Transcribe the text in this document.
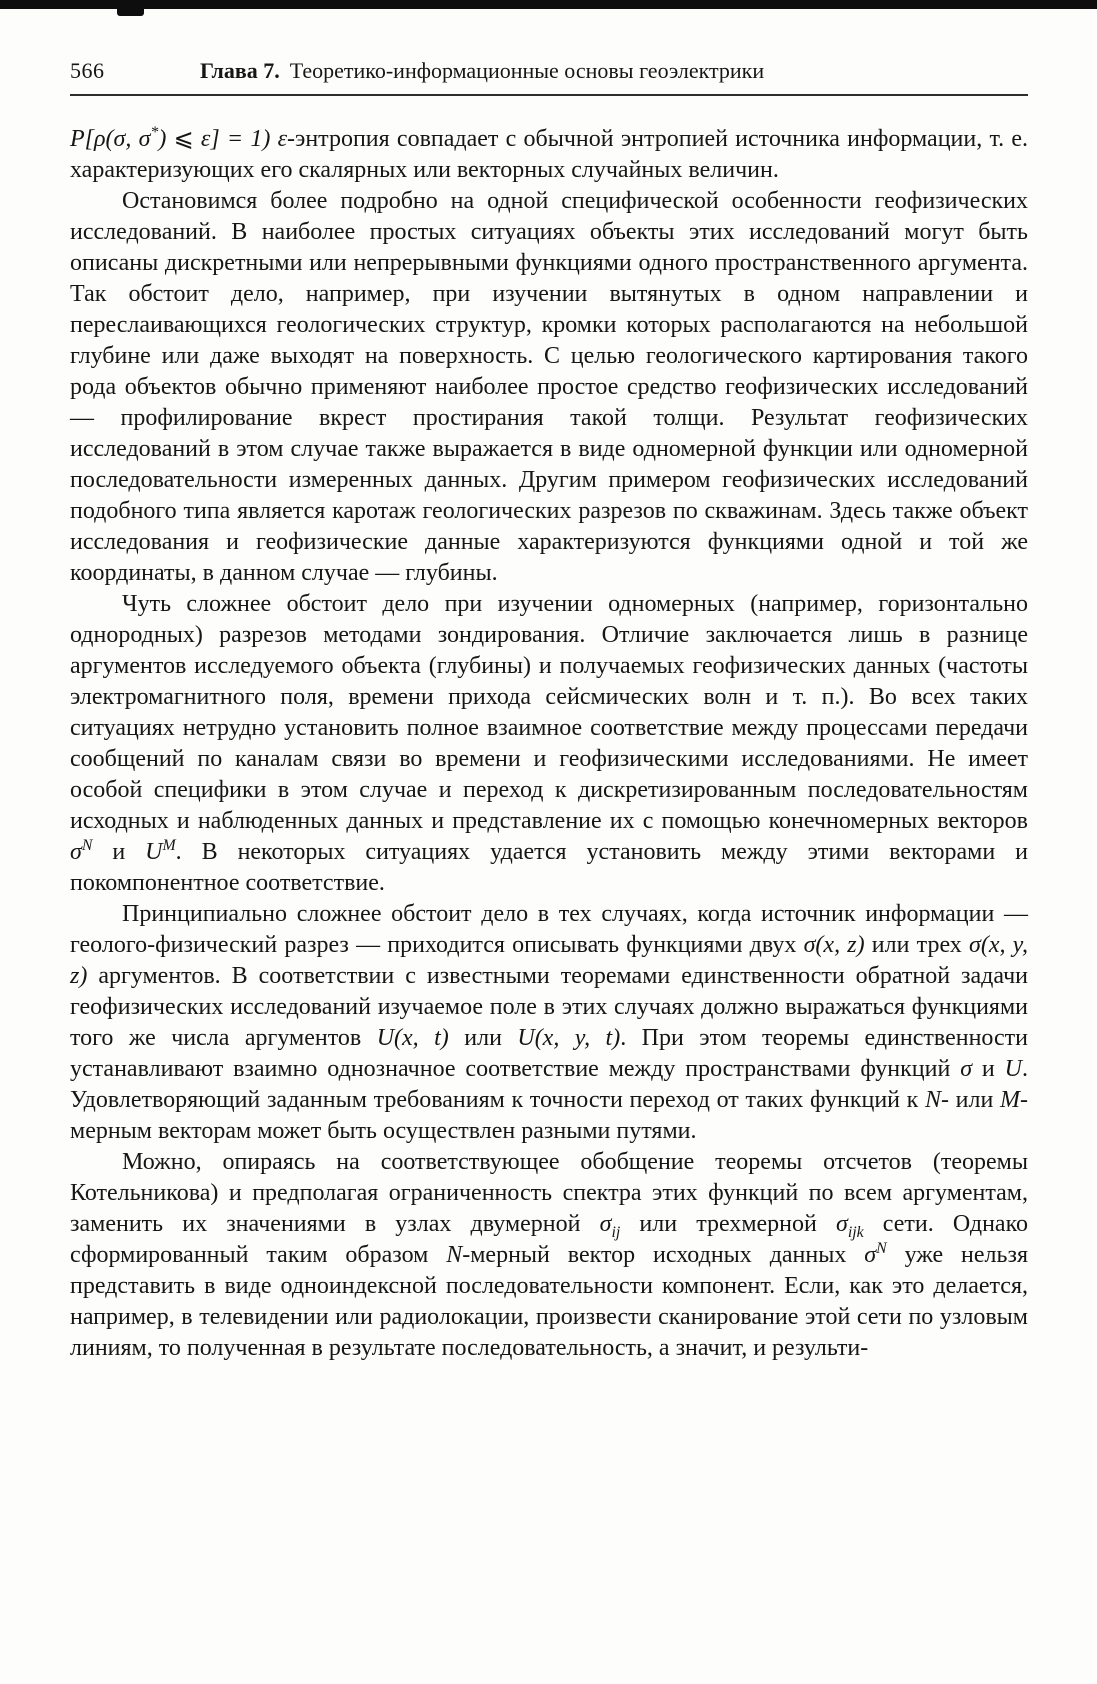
566	Глава 7. Теоретико-информационные основы геоэлектрики

P[ρ(σ, σ*) ⩽ ε] = 1) ε-энтропия совпадает с обычной энтропией источника информации, т. е. характеризующих его скалярных или векторных случайных величин.

Остановимся более подробно на одной специфической особенности геофизических исследований. В наиболее простых ситуациях объекты этих исследований могут быть описаны дискретными или непрерывными функциями одного пространственного аргумента. Так обстоит дело, например, при изучении вытянутых в одном направлении и переслаивающихся геологических структур, кромки которых располагаются на небольшой глубине или даже выходят на поверхность. С целью геологического картирования такого рода объектов обычно применяют наиболее простое средство геофизических исследований — профилирование вкрест простирания такой толщи. Результат геофизических исследований в этом случае также выражается в виде одномерной функции или одномерной последовательности измеренных данных. Другим примером геофизических исследований подобного типа является каротаж геологических разрезов по скважинам. Здесь также объект исследования и геофизические данные характеризуются функциями одной и той же координаты, в данном случае — глубины.

Чуть сложнее обстоит дело при изучении одномерных (например, горизонтально однородных) разрезов методами зондирования. Отличие заключается лишь в разнице аргументов исследуемого объекта (глубины) и получаемых геофизических данных (частоты электромагнитного поля, времени прихода сейсмических волн и т. п.). Во всех таких ситуациях нетрудно установить полное взаимное соответствие между процессами передачи сообщений по каналам связи во времени и геофизическими исследованиями. Не имеет особой специфики в этом случае и переход к дискретизированным последовательностям исходных и наблюденных данных и представление их с помощью конечномерных векторов $\sigma^N$ и $U^M$. В некоторых ситуациях удается установить между этими векторами и покомпонентное соответствие.

Принципиально сложнее обстоит дело в тех случаях, когда источник информации — геолого-физический разрез — приходится описывать функциями двух σ(x, z) или трех σ(x, y, z) аргументов. В соответствии с известными теоремами единственности обратной задачи геофизических исследований изучаемое поле в этих случаях должно выражаться функциями того же числа аргументов U(x, t) или U(x, y, t). При этом теоремы единственности устанавливают взаимно однозначное соответствие между пространствами функций σ и U. Удовлетворяющий заданным требованиям к точности переход от таких функций к N- или M-мерным векторам может быть осуществлен разными путями.

Можно, опираясь на соответствующее обобщение теоремы отсчетов (теоремы Котельникова) и предполагая ограниченность спектра этих функций по всем аргументам, заменить их значениями в узлах двумерной $\sigma_{ij}$ или трехмерной $\sigma_{ijk}$ сети. Однако сформированный таким образом N-мерный вектор исходных данных $\sigma^N$ уже нельзя представить в виде одноиндексной последовательности компонент. Если, как это делается, например, в телевидении или радиолокации, произвести сканирование этой сети по узловым линиям, то полученная в результате последовательность, а значит, и результи-
